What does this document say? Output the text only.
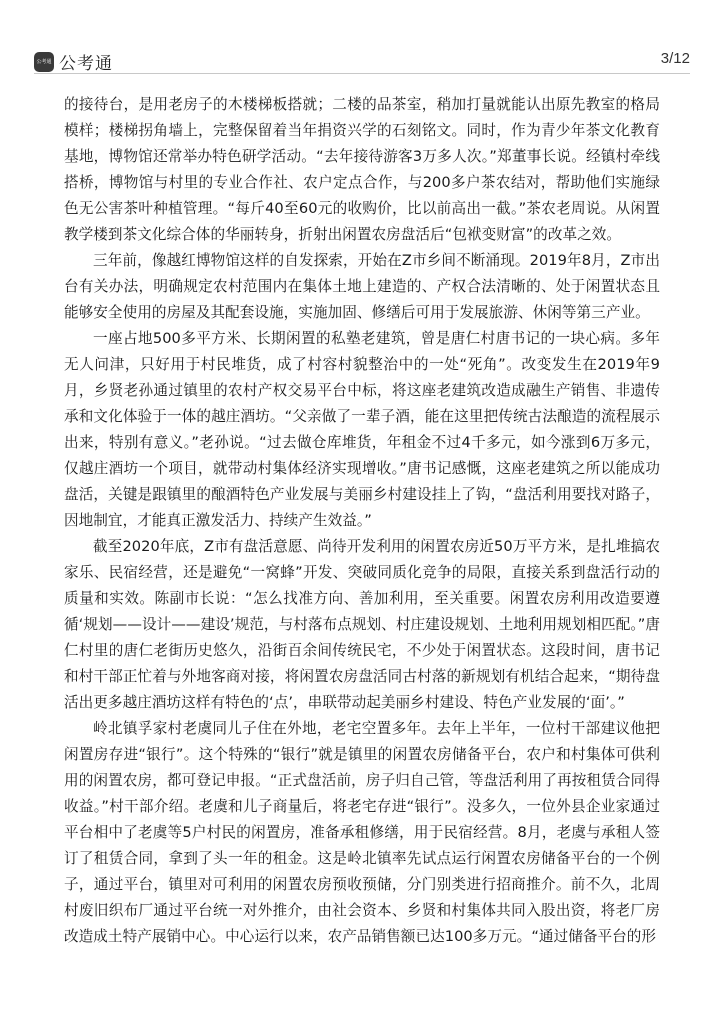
公考通 公考通	3/12

的接待台，是用老房子的木楼梯板搭就；二楼的品茶室，稍加打量就能认出原先教室的格局模样；楼梯拐角墙上，完整保留着当年捐资兴学的石刻铭文。同时，作为青少年茶文化教育基地，博物馆还常举办特色研学活动。“去年接待游客3万多人次。”郑董事长说。经镇村牵线搭桥，博物馆与村里的专业合作社、农户定点合作，与200多户茶农结对，帮助他们实施绿色无公害茶叶种植管理。“每斤40至60元的收购价，比以前高出一截。”茶农老周说。从闲置教学楼到茶文化综合体的华丽转身，折射出闲置农房盘活后“包袱变财富”的改革之效。

三年前，像越红博物馆这样的自发探索，开始在Z市乡间不断涌现。2019年8月，Z市出台有关办法，明确规定农村范围内在集体土地上建造的、产权合法清晰的、处于闲置状态且能够安全使用的房屋及其配套设施，实施加固、修缮后可用于发展旅游、休闲等第三产业。

一座占地500多平方米、长期闲置的私塾老建筑，曾是唐仁村唐书记的一块心病。多年无人问津，只好用于村民堆货，成了村容村貌整治中的一处“死角”。改变发生在2019年9月，乡贤老孙通过镇里的农村产权交易平台中标，将这座老建筑改造成融生产销售、非遗传承和文化体验于一体的越庄酒坊。“父亲做了一辈子酒，能在这里把传统古法酿造的流程展示出来，特别有意义。”老孙说。“过去做仓库堆货，年租金不过4千多元，如今涨到6万多元，仅越庄酒坊一个项目，就带动村集体经济实现增收。”唐书记感慨，这座老建筑之所以能成功盘活，关键是跟镇里的酿酒特色产业发展与美丽乡村建设挂上了钩，“盘活利用要找对路子，因地制宜，才能真正激发活力、持续产生效益。”

截至2020年底，Z市有盘活意愿、尚待开发利用的闲置农房近50万平方米，是扎堆搞农家乐、民宿经营，还是避免“一窝蜂”开发、突破同质化竞争的局限，直接关系到盘活行动的质量和实效。陈副市长说：“怎么找准方向、善加利用，至关重要。闲置农房利用改造要遵循‘规划——设计——建设’规范，与村落布点规划、村庄建设规划、土地利用规划相匹配。”唐仁村里的唐仁老街历史悠久，沿街百余间传统民宅，不少处于闲置状态。这段时间，唐书记和村干部正忙着与外地客商对接，将闲置农房盘活同古村落的新规划有机结合起来，“期待盘活出更多越庄酒坊这样有特色的‘点’，串联带动起美丽乡村建设、特色产业发展的‘面’。”

岭北镇孚家村老虞同儿子住在外地，老宅空置多年。去年上半年，一位村干部建议他把闲置房存进“银行”。这个特殊的“银行”就是镇里的闲置农房储备平台，农户和村集体可供利用的闲置农房，都可登记申报。“正式盘活前，房子归自己管，等盘活利用了再按租赁合同得收益。”村干部介绍。老虞和儿子商量后，将老宅存进“银行”。没多久，一位外县企业家通过平台相中了老虞等5户村民的闲置房，准备承租修缮，用于民宿经营。8月，老虞与承租人签订了租赁合同，拿到了头一年的租金。这是岭北镇率先试点运行闲置农房储备平台的一个例子，通过平台，镇里对可利用的闲置农房预收预储，分门别类进行招商推介。前不久，北周村废旧织布厂通过平台统一对外推介，由社会资本、乡贤和村集体共同入股出资，将老厂房改造成土特产展销中心。中心运行以来，农产品销售额已达100多万元。“通过储备平台的形
